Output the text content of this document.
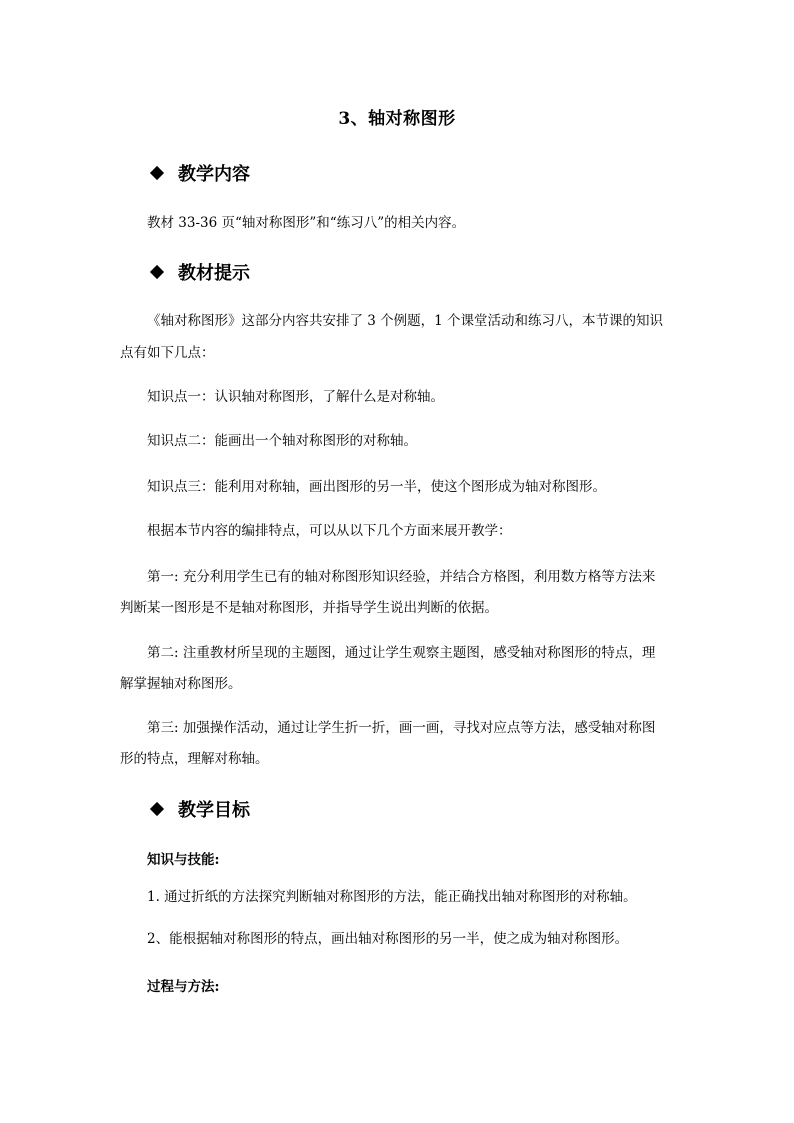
3、轴对称图形
教学内容
教材 33-36 页“轴对称图形”和“练习八”的相关内容。
教材提示
《轴对称图形》这部分内容共安排了 3 个例题，1 个课堂活动和练习八，本节课的知识
点有如下几点：
知识点一：认识轴对称图形，了解什么是对称轴。
知识点二：能画出一个轴对称图形的对称轴。
知识点三：能利用对称轴，画出图形的另一半，使这个图形成为轴对称图形。
根据本节内容的编排特点，可以从以下几个方面来展开教学：
第一: 充分利用学生已有的轴对称图形知识经验，并结合方格图，利用数方格等方法来
判断某一图形是不是轴对称图形，并指导学生说出判断的依据。
第二: 注重教材所呈现的主题图，通过让学生观察主题图，感受轴对称图形的特点，理
解掌握轴对称图形。
第三: 加强操作活动，通过让学生折一折，画一画，寻找对应点等方法，感受轴对称图
形的特点，理解对称轴。
教学目标
知识与技能:
1. 通过折纸的方法探究判断轴对称图形的方法，能正确找出轴对称图形的对称轴。
2、能根据轴对称图形的特点，画出轴对称图形的另一半，使之成为轴对称图形。
过程与方法:
